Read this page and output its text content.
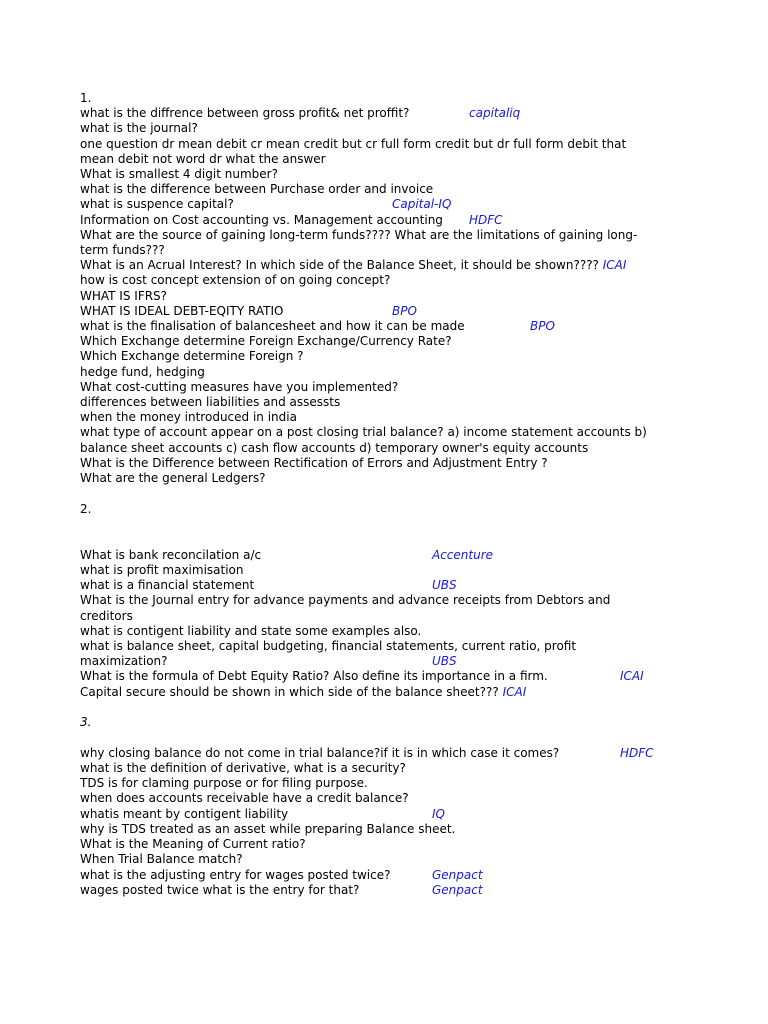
1.
what is the diffrence between gross profit& net proffit?	capitaliq
what is the journal?
one question dr mean debit cr mean credit but cr full form credit but dr full form debit that
mean debit not word dr what the answer
What is smallest 4 digit number?
what is the difference between Purchase order and invoice
what is suspence capital?	Capital-IQ
Information on Cost accounting vs. Management accounting HDFC
What are the source of gaining long-term funds???? What are the limitations of gaining long-
term funds???
What is an Acrual Interest? In which side of the Balance Sheet, it should be shown???? ICAI
how is cost concept extension of on going concept?
WHAT IS IFRS?
WHAT IS IDEAL DEBT-EQITY RATIO	BPO
what is the finalisation of balancesheet and how it can be made	BPO
Which Exchange determine Foreign Exchange/Currency Rate?
Which Exchange determine Foreign ?
hedge fund, hedging
What cost-cutting measures have you implemented?
differences between liabilities and assessts
when the money introduced in india
what type of account appear on a post closing trial balance? a) income statement accounts b)
balance sheet accounts c) cash flow accounts d) temporary owner's equity accounts
What is the Difference between Rectification of Errors and Adjustment Entry ?
What are the general Ledgers?
2.
What is bank reconcilation a/c	Accenture
what is profit maximisation
what is a financial statement	UBS
What is the Journal entry for advance payments and advance receipts from Debtors and
creditors
what is contigent liability and state some examples also.
what is balance sheet, capital budgeting, financial statements, current ratio, profit
maximization?	UBS
What is the formula of Debt Equity Ratio? Also define its importance in a firm.	ICAI
Capital secure should be shown in which side of the balance sheet??? ICAI
3.
why closing balance do not come in trial balance?if it is in which case it comes?	HDFC
what is the definition of derivative, what is a security?
TDS is for claming purpose or for filing purpose.
when does accounts receivable have a credit balance?
whatis meant by contigent liability	IQ
why is TDS treated as an asset while preparing Balance sheet.
What is the Meaning of Current ratio?
When Trial Balance match?
what is the adjusting entry for wages posted twice?	Genpact
wages posted twice what is the entry for that?	Genpact
